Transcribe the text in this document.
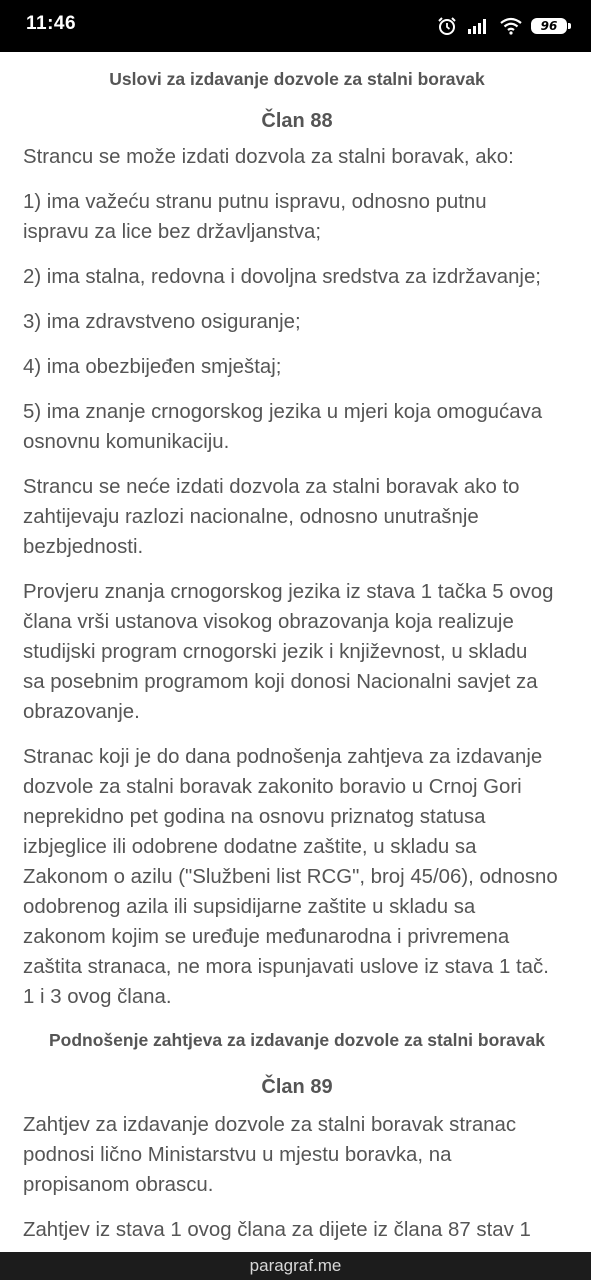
11:46	96
Uslovi za izdavanje dozvole za stalni boravak
Član 88

Strancu se može izdati dozvola za stalni boravak, ako:

1) ima važeću stranu putnu ispravu, odnosno putnu
ispravu za lice bez državljanstva;

2) ima stalna, redovna i dovoljna sredstva za izdržavanje;

3) ima zdravstveno osiguranje;

4) ima obezbijeđen smještaj;

5) ima znanje crnogorskog jezika u mjeri koja omogućava
osnovnu komunikaciju.

Strancu se neće izdati dozvola za stalni boravak ako to
zahtijevaju razlozi nacionalne, odnosno unutrašnje
bezbjednosti.

Provjeru znanja crnogorskog jezika iz stava 1 tačka 5 ovog
člana vrši ustanova visokog obrazovanja koja realizuje
studijski program crnogorski jezik i književnost, u skladu
sa posebnim programom koji donosi Nacionalni savjet za
obrazovanje.

Stranac koji je do dana podnošenja zahtjeva za izdavanje
dozvole za stalni boravak zakonito boravio u Crnoj Gori
neprekidno pet godina na osnovu priznatog statusa
izbjeglice ili odobrene dodatne zaštite, u skladu sa
Zakonom o azilu ("Službeni list RCG", broj 45/06), odnosno
odobrenog azila ili supsidijarne zaštite u skladu sa
zakonom kojim se uređuje međunarodna i privremena
zaštita stranaca, ne mora ispunjavati uslove iz stava 1 tač.
1 i 3 ovog člana.

Podnošenje zahtjeva za izdavanje dozvole za stalni boravak
Član 89

Zahtjev za izdavanje dozvole za stalni boravak stranac
podnosi lično Ministarstvu u mjestu boravka, na
propisanom obrascu.

Zahtjev iz stava 1 ovog člana za dijete iz člana 87 stav 1

paragraf.me
